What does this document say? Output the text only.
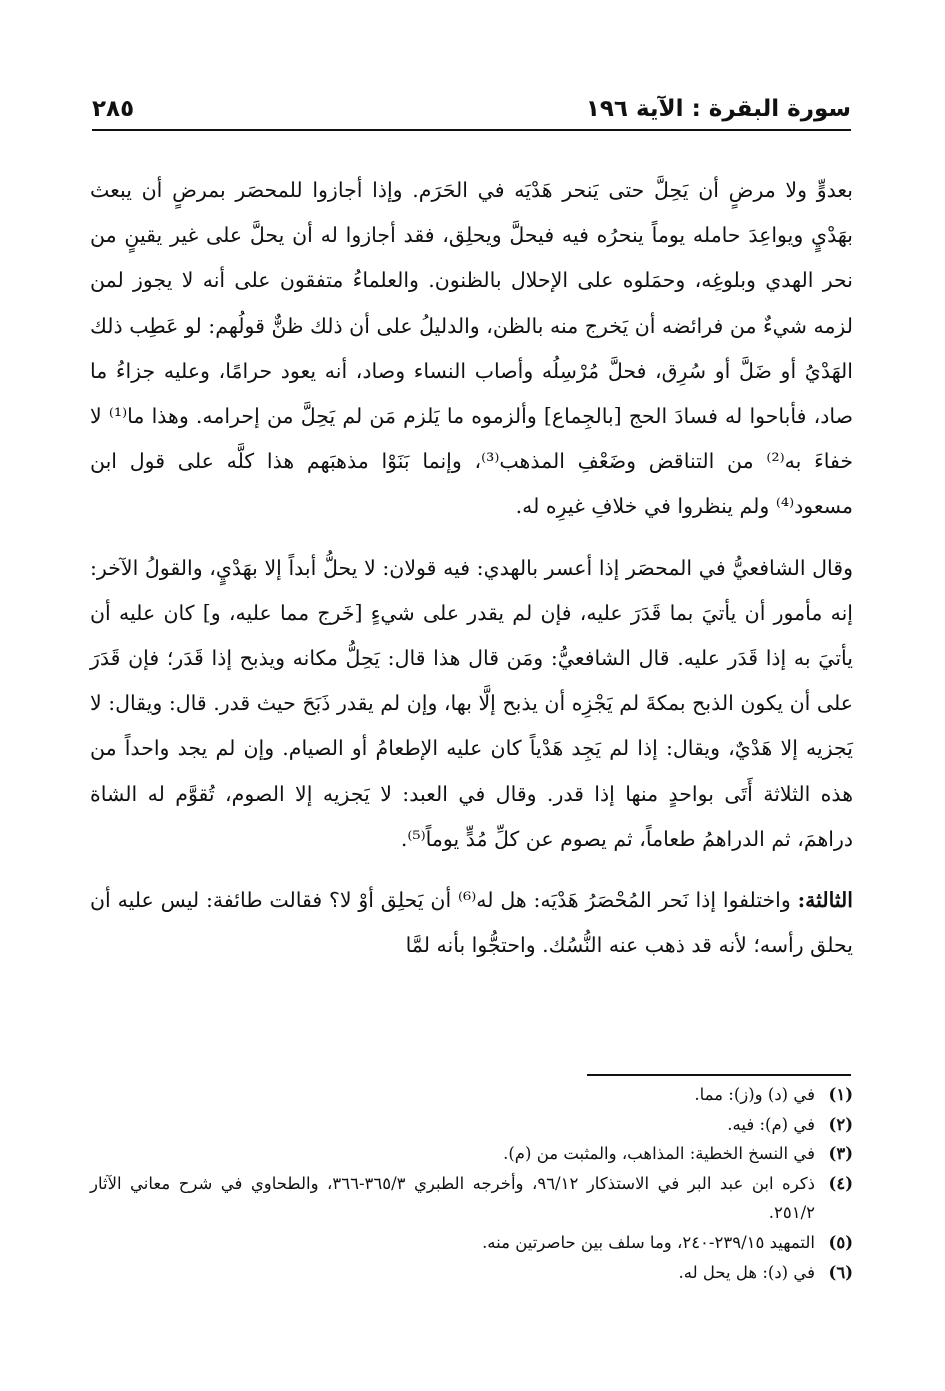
سورة البقرة : الآية ١٩٦
٢٨٥

بعدوٍّ ولا مرضٍ أن يَحِلَّ حتى يَنحر هَدْيَه في الحَرَم. وإذا أجازوا للمحصَر بمرضٍ أن يبعث بهَدْيٍ ويواعِدَ حامله يوماً ينحرُه فيه فيحلَّ ويحلِق، فقد أجازوا له أن يحلَّ على غير يقينٍ من نحر الهدي وبلوغِه، وحمَلوه على الإحلال بالظنون. والعلماءُ متفقون على أنه لا يجوز لمن لزمه شيءٌ من فرائضه أن يَخرج منه بالظن، والدليلُ على أن ذلك ظنٌّ قولُهم: لو عَطِب ذلك الهَدْيُ أو ضَلَّ أو سُرِق، فحلَّ مُرْسِلُه وأصاب النساء وصاد، أنه يعود حرامًا، وعليه جزاءُ ما صاد، فأباحوا له فسادَ الحج [بالجِماع] وألزموه ما يَلزم مَن لم يَحِلَّ من إحرامه. وهذا ما⁽¹⁾ لا خفاءَ به⁽²⁾ من التناقض وضَعْفِ المذهب⁽³⁾، وإنما بَنَوْا مذهبَهم هذا كلَّه على قول ابن مسعود⁽⁴⁾ ولم ينظروا في خلافِ غيرِه له.

وقال الشافعيُّ في المحصَر إذا أعسر بالهدي: فيه قولان: لا يحلُّ أبداً إلا بهَدْيٍ، والقولُ الآخر: إنه مأمور أن يأتيَ بما قَدَرَ عليه، فإن لم يقدر على شيءٍ [خَرج مما عليه، و] كان عليه أن يأتيَ به إذا قَدَر عليه. قال الشافعيُّ: ومَن قال هذا قال: يَحِلُّ مكانه ويذبح إذا قَدَر؛ فإن قَدَرَ على أن يكون الذبح بمكةَ لم يَجْزِه أن يذبح إلَّا بها، وإن لم يقدر ذَبَحَ حيث قدر. قال: ويقال: لا يَجزيه إلا هَدْيٌ، ويقال: إذا لم يَجِد هَدْياً كان عليه الإطعامُ أو الصيام. وإن لم يجد واحداً من هذه الثلاثة أَتَى بواحدٍ منها إذا قدر. وقال في العبد: لا يَجزيه إلا الصوم، تُقوَّم له الشاة دراهمَ، ثم الدراهمُ طعاماً، ثم يصوم عن كلِّ مُدٍّ يوماً⁽⁵⁾.

الثالثة: واختلفوا إذا نَحر المُحْصَرُ هَدْيَه: هل له⁽⁶⁾ أن يَحلِق أوْ لا؟ فقالت طائفة: ليس عليه أن يحلق رأسه؛ لأنه قد ذهب عنه النُّسُك. واحتجُّوا بأنه لمَّا

(١)
في (د) و(ز): مما.
(٢)
في (م): فيه.
(٣)
في النسخ الخطية: المذاهب، والمثبت من (م).
(٤)
ذكره ابن عبد البر في الاستذكار ٩٦/١٢، وأخرجه الطبري ٣٦٥/٣-٣٦٦، والطحاوي في شرح معاني الآثار ٢٥١/٢.
(٥)
التمهيد ٢٣٩/١٥-٢٤٠، وما سلف بين حاصرتين منه.
(٦)
في (د): هل يحل له.
